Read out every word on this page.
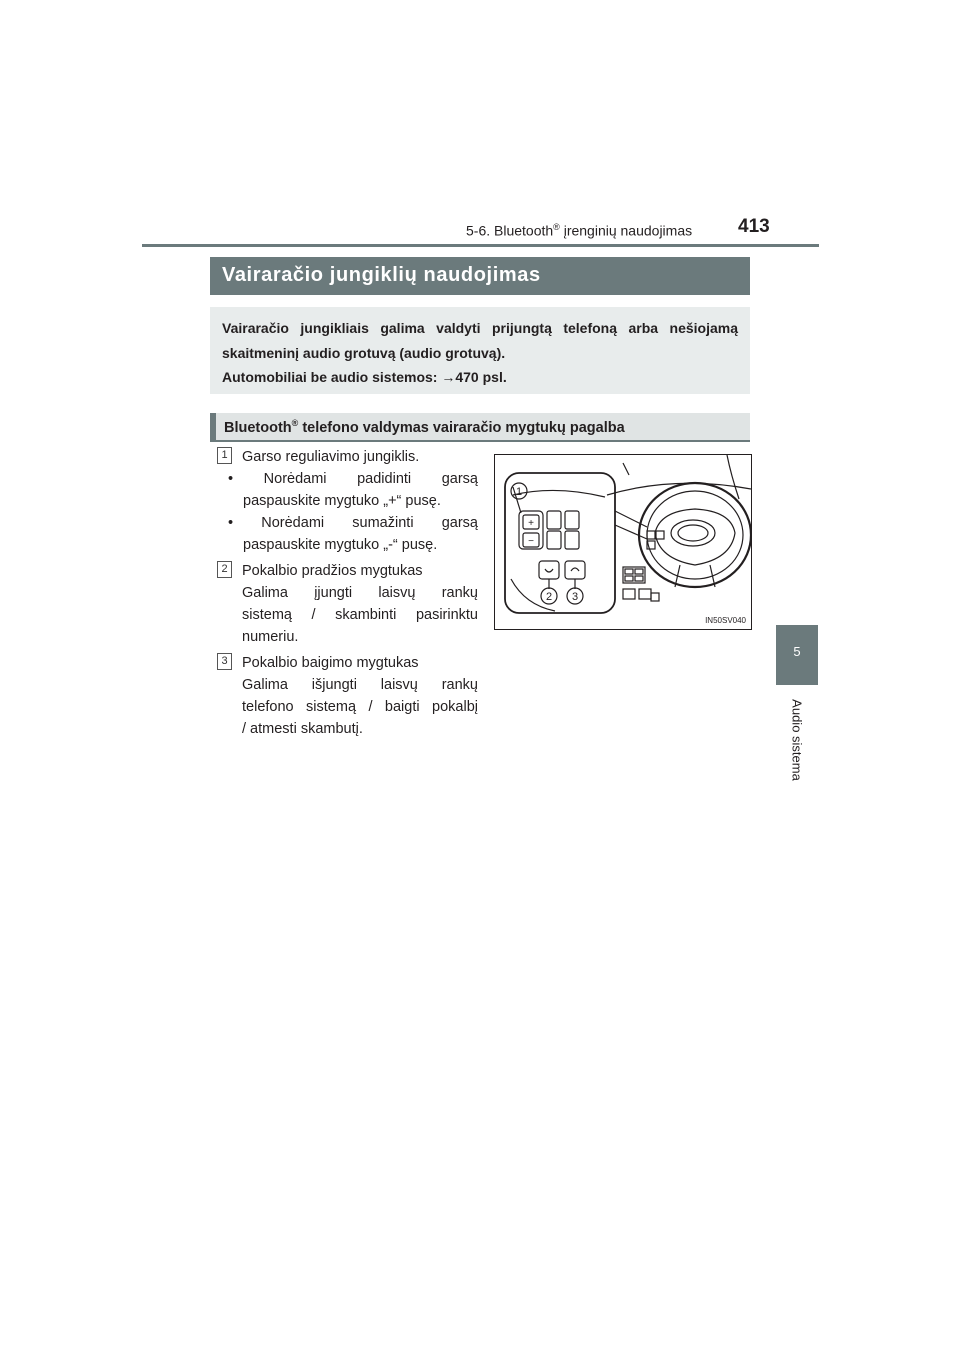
5-6. Bluetooth® įrenginių naudojimas 413
5
Audio sistema
Vairaračio jungiklių naudojimas

Vairaračio jungikliais galima valdyti prijungtą telefoną arba nešiojamą skaitmeninį audio grotuvą (audio grotuvą).

Automobiliai be audio sistemos: →470 psl.

Bluetooth® telefono valdymas vairaračio mygtukų pagalba
1 Garso reguliavimo jungiklis.
• Norėdami padidinti garsą
paspauskite mygtuko „+“ pusę.
• Norėdami sumažinti garsą
paspauskite mygtuko „-“ pusę.
2 Pokalbio pradžios mygtukas
Galima įjungti laisvų rankų
sistemą / skambinti pasirinktu
numeriu.
3 Pokalbio baigimo mygtukas
Galima išjungti laisvų rankų
telefono sistemą / baigti pokalbį
/ atmesti skambutį.
+
−
1
2 3
IN50SV040
